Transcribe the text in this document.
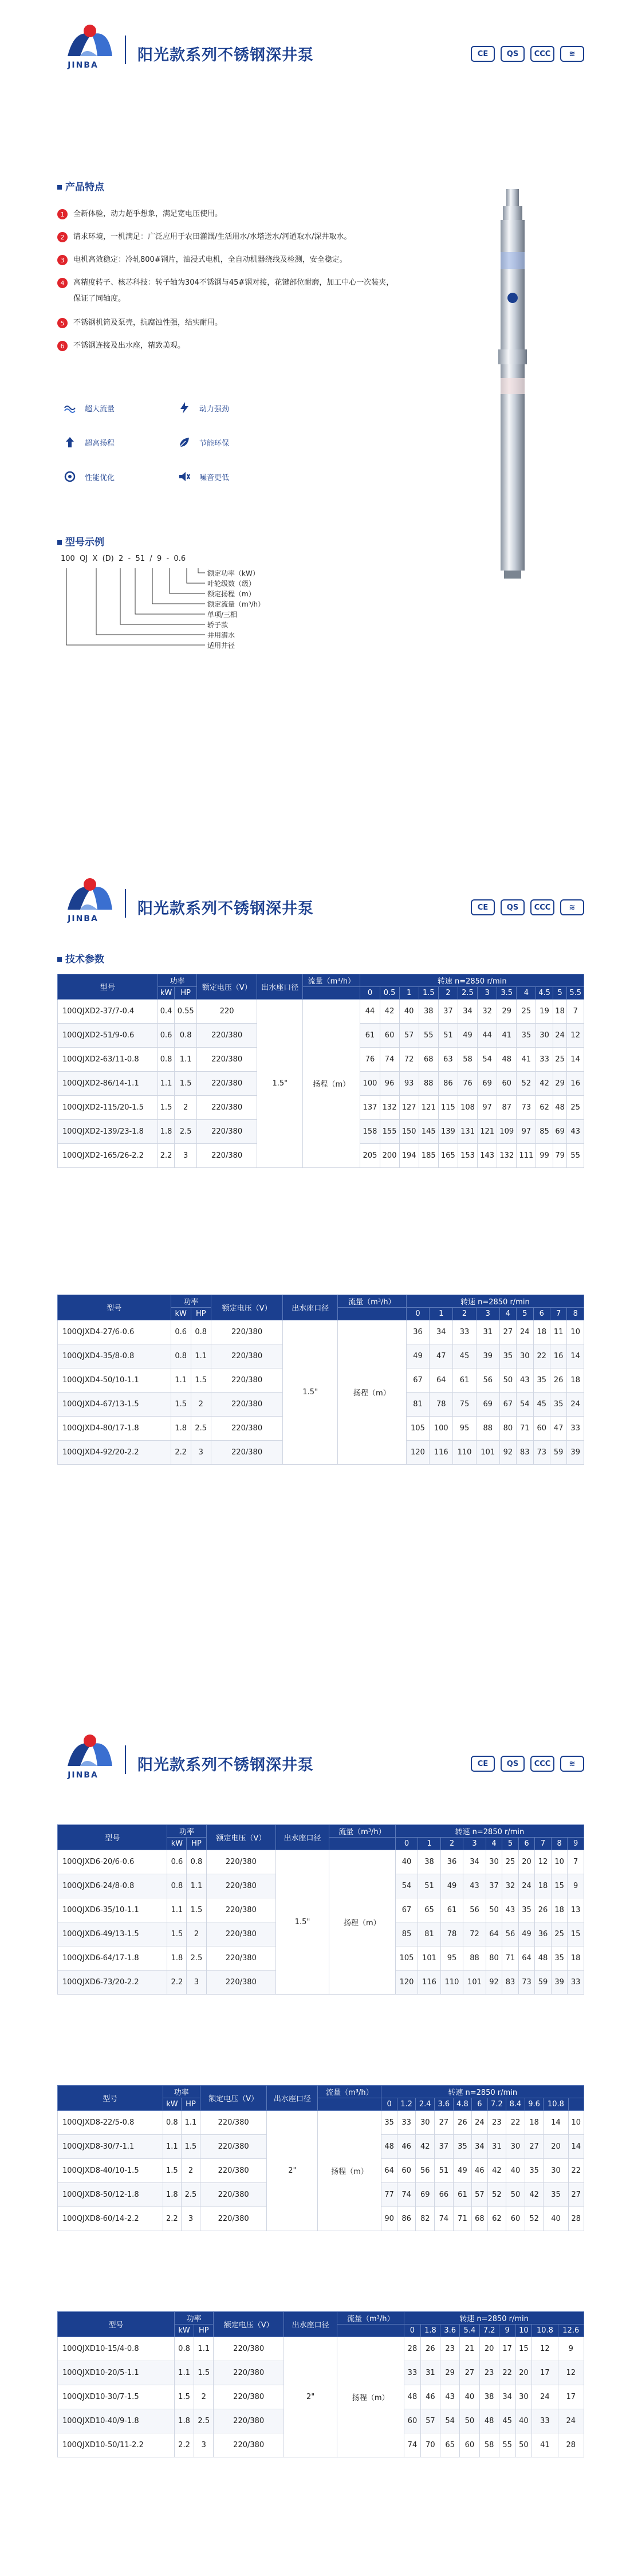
JINBA
阳光款系列不锈钢深井泵	CE	QS	CCC	≋
JINBA
阳光款系列不锈钢深井泵	CE	QS	CCC	≋
JINBA
阳光款系列不锈钢深井泵	CE	QS	CCC	≋
产品特点
1	全新体验，动力超乎想象，满足宽电压使用。
2	请求环境，一机满足：广泛应用于农田灌溉/生活用水/水塔送水/河道取水/深井取水。
3	电机高效稳定：冷轧800#钢片，油浸式电机，全自动机器绕线及检测，安全稳定。
4	高精度转子、核芯科技：转子轴为304不锈钢与45#钢对接，花键部位耐磨，加工中心一次装夹，
保证了同轴度。
5	不锈钢机筒及泵壳，抗腐蚀性强，结实耐用。
6	不锈钢连接及出水座，精致美观。
超大流量	动力强劲
超高扬程	节能环保
性能优化	噪音更低
型号示例
100  QJ  X  (D)  2  -  51  /  9  -  0.6
额定功率（kW）
叶轮级数（级）
额定扬程（m）
额定流量（m³/h）
单项/三相
轿子款
井用潜水
适用井径
技术参数
型号	功率		额定电压（V）	出水座口径	流量（m³/h）	转速 n=2850 r/min											
	kW	HP				0	0.5	1	1.5	2	2.5	3	3.5	4	4.5	5	5.5
100QJXD2-37/7-0.4	0.4	0.55	220	1.5"	扬程（m）	44	42	40	38	37	34	32	29	25	19	18	7
100QJXD2-51/9-0.6	0.6	0.8	220/380			61	60	57	55	51	49	44	41	35	30	24	12
100QJXD2-63/11-0.8	0.8	1.1	220/380			76	74	72	68	63	58	54	48	41	33	25	14
100QJXD2-86/14-1.1	1.1	1.5	220/380			100	96	93	88	86	76	69	60	52	42	29	16
100QJXD2-115/20-1.5	1.5	2	220/380			137	132	127	121	115	108	97	87	73	62	48	25
100QJXD2-139/23-1.8	1.8	2.5	220/380			158	155	150	145	139	131	121	109	97	85	69	43
100QJXD2-165/26-2.2	2.2	3	220/380			205	200	194	185	165	153	143	132	111	99	79	55
型号	功率		额定电压（V）	出水座口径	流量（m³/h）	转速 n=2850 r/min								
	kW	HP				0	1	2	3	4	5	6	7	8
100QJXD4-27/6-0.6	0.6	0.8	220/380	1.5"	扬程（m）	36	34	33	31	27	24	18	11	10
100QJXD4-35/8-0.8	0.8	1.1	220/380			49	47	45	39	35	30	22	16	14
100QJXD4-50/10-1.1	1.1	1.5	220/380			67	64	61	56	50	43	35	26	18
100QJXD4-67/13-1.5	1.5	2	220/380			81	78	75	69	67	54	45	35	24
100QJXD4-80/17-1.8	1.8	2.5	220/380			105	100	95	88	80	71	60	47	33
100QJXD4-92/20-2.2	2.2	3	220/380			120	116	110	101	92	83	73	59	39
型号	功率		额定电压（V）	出水座口径	流量（m³/h）	转速 n=2850 r/min									
	kW	HP				0	1	2	3	4	5	6	7	8	9
100QJXD6-20/6-0.6	0.6	0.8	220/380	1.5"	扬程（m）	40	38	36	34	30	25	20	12	10	7
100QJXD6-24/8-0.8	0.8	1.1	220/380			54	51	49	43	37	32	24	18	15	9
100QJXD6-35/10-1.1	1.1	1.5	220/380			67	65	61	56	50	43	35	26	18	13
100QJXD6-49/13-1.5	1.5	2	220/380			85	81	78	72	64	56	49	36	25	15
100QJXD6-64/17-1.8	1.8	2.5	220/380			105	101	95	88	80	71	64	48	35	18
100QJXD6-73/20-2.2	2.2	3	220/380			120	116	110	101	92	83	73	59	39	33
型号	功率		额定电压（V）	出水座口径	流量（m³/h）	转速 n=2850 r/min										
	kW	HP				0	1.2	2.4	3.6	4.8	6	7.2	8.4	9.6	10.8	
100QJXD8-22/5-0.8	0.8	1.1	220/380	2"	扬程（m）	35	33	30	27	26	24	23	22	18	14	10
100QJXD8-30/7-1.1	1.1	1.5	220/380			48	46	42	37	35	34	31	30	27	20	14
100QJXD8-40/10-1.5	1.5	2	220/380			64	60	56	51	49	46	42	40	35	30	22
100QJXD8-50/12-1.8	1.8	2.5	220/380			77	74	69	66	61	57	52	50	42	35	27
100QJXD8-60/14-2.2	2.2	3	220/380			90	86	82	74	71	68	62	60	52	40	28
型号	功率		额定电压（V）	出水座口径	流量（m³/h）	转速 n=2850 r/min								
	kW	HP				0	1.8	3.6	5.4	7.2	9	10	10.8	12.6
100QJXD10-15/4-0.8	0.8	1.1	220/380	2"	扬程（m）	28	26	23	21	20	17	15	12	9
100QJXD10-20/5-1.1	1.1	1.5	220/380			33	31	29	27	23	22	20	17	12
100QJXD10-30/7-1.5	1.5	2	220/380			48	46	43	40	38	34	30	24	17
100QJXD10-40/9-1.8	1.8	2.5	220/380			60	57	54	50	48	45	40	33	24
100QJXD10-50/11-2.2	2.2	3	220/380			74	70	65	60	58	55	50	41	28
